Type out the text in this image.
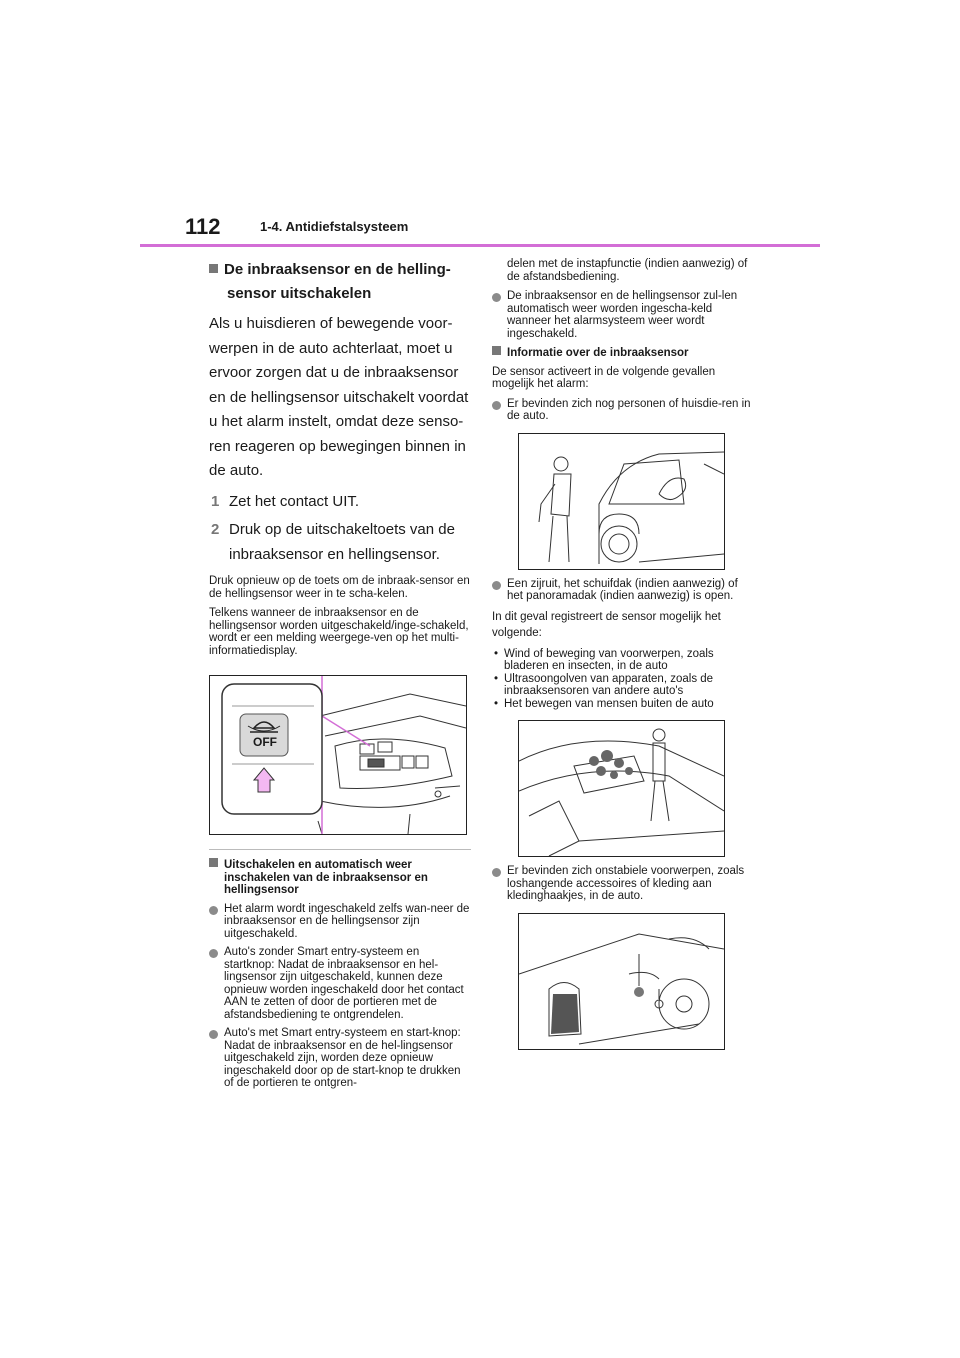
112	1-4. Antidiefstalsysteem
De inbraaksensor en de helling-sensor uitschakelen

Als u huisdieren of bewegende voor-werpen in de auto achterlaat, moet u ervoor zorgen dat u de inbraaksensor en de hellingsensor uitschakelt voordat u het alarm instelt, omdat deze senso-ren reageren op bewegingen binnen in de auto.

1 Zet het contact UIT.
2 Druk op de uitschakeltoets van de inbraaksensor en hellingsensor.

Druk opnieuw op de toets om de inbraak-sensor en de hellingsensor weer in te scha-kelen.

Telkens wanneer de inbraaksensor en de hellingsensor worden uitgeschakeld/inge-schakeld, wordt er een melding weergege-ven op het multi-informatiedisplay.

OFF
Uitschakelen en automatisch weer inschakelen van de inbraaksensor en hellingsensor
Het alarm wordt ingeschakeld zelfs wan-neer de inbraaksensor en de hellingsensor zijn uitgeschakeld.
Auto's zonder Smart entry-systeem en startknop: Nadat de inbraaksensor en hel-lingsensor zijn uitgeschakeld, kunnen deze opnieuw worden ingeschakeld door het contact AAN te zetten of door de portieren met de afstandsbediening te ontgrendelen.
Auto's met Smart entry-systeem en start-knop: Nadat de inbraaksensor en de hel-lingsensor uitgeschakeld zijn, worden deze opnieuw ingeschakeld door op de start-knop te drukken of de portieren te ontgren-

delen met de instapfunctie (indien aanwezig) of de afstandsbediening.

De inbraaksensor en de hellingsensor zul-len automatisch weer worden ingescha-keld wanneer het alarmsysteem weer wordt ingeschakeld.
Informatie over de inbraaksensor

De sensor activeert in de volgende gevallen mogelijk het alarm:

Er bevinden zich nog personen of huisdie-ren in de auto.
Een zijruit, het schuifdak (indien aanwezig) of het panoramadak (indien aanwezig) is open.

In dit geval registreert de sensor mogelijk het volgende:

• Wind of beweging van voorwerpen, zoals bladeren en insecten, in de auto
• Ultrasoongolven van apparaten, zoals de inbraaksensoren van andere auto's
• Het bewegen van mensen buiten de auto
Er bevinden zich onstabiele voorwerpen, zoals loshangende accessoires of kleding aan kledinghaakjes, in de auto.
